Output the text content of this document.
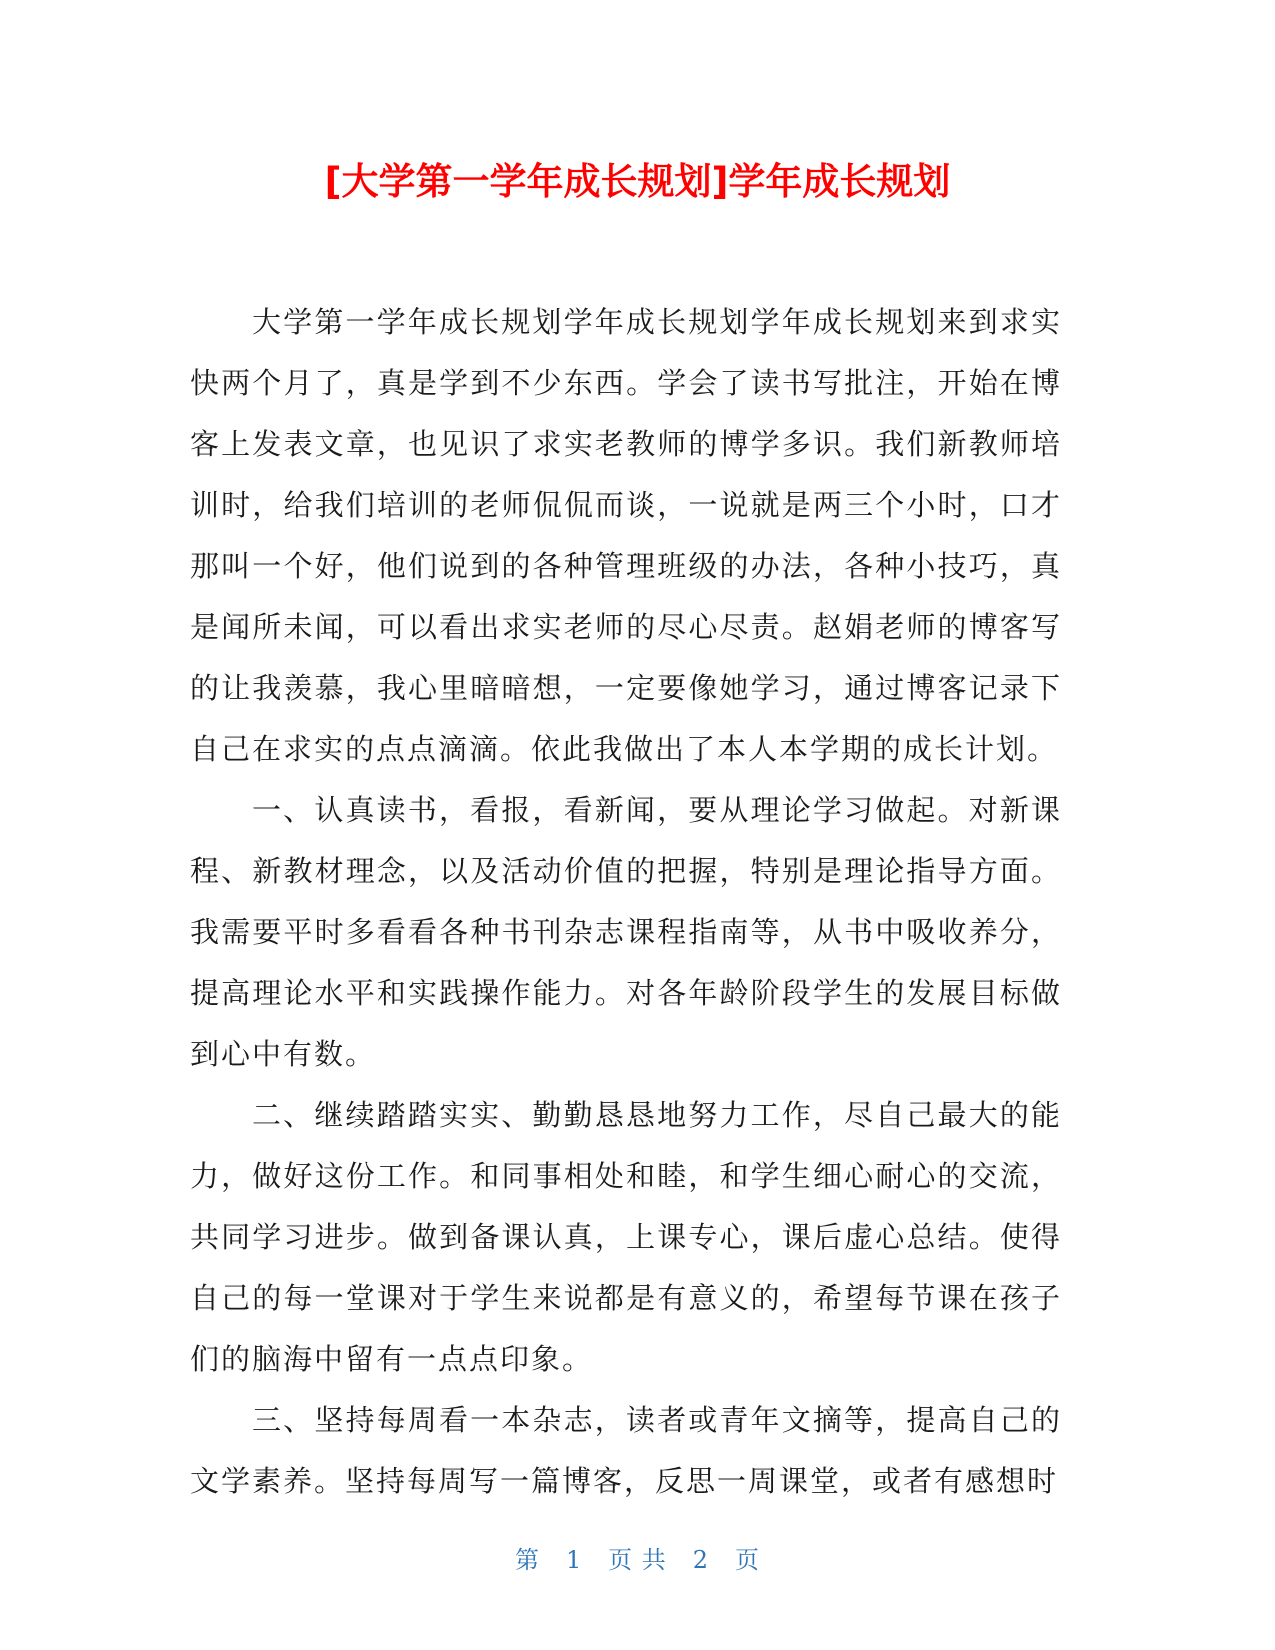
[大学第一学年成长规划]学年成长规划

大学第一学年成长规划学年成长规划学年成长规划来到求实快两个月了，真是学到不少东西。学会了读书写批注，开始在博客上发表文章，也见识了求实老教师的博学多识。我们新教师培训时，给我们培训的老师侃侃而谈，一说就是两三个小时，口才那叫一个好，他们说到的各种管理班级的办法，各种小技巧，真是闻所未闻，可以看出求实老师的尽心尽责。赵娟老师的博客写的让我羡慕，我心里暗暗想，一定要像她学习，通过博客记录下自己在求实的点点滴滴。依此我做出了本人本学期的成长计划。

一、认真读书，看报，看新闻，要从理论学习做起。对新课程、新教材理念，以及活动价值的把握，特别是理论指导方面。我需要平时多看看各种书刊杂志课程指南等，从书中吸收养分，提高理论水平和实践操作能力。对各年龄阶段学生的发展目标做到心中有数。

二、继续踏踏实实、勤勤恳恳地努力工作，尽自己最大的能力，做好这份工作。和同事相处和睦，和学生细心耐心的交流，共同学习进步。做到备课认真，上课专心，课后虚心总结。使得自己的每一堂课对于学生来说都是有意义的，希望每节课在孩子们的脑海中留有一点点印象。

三、坚持每周看一本杂志，读者或青年文摘等，提高自己的文学素养。坚持每周写一篇博客，反思一周课堂，或者有感想时

第 1 页 共 2 页
